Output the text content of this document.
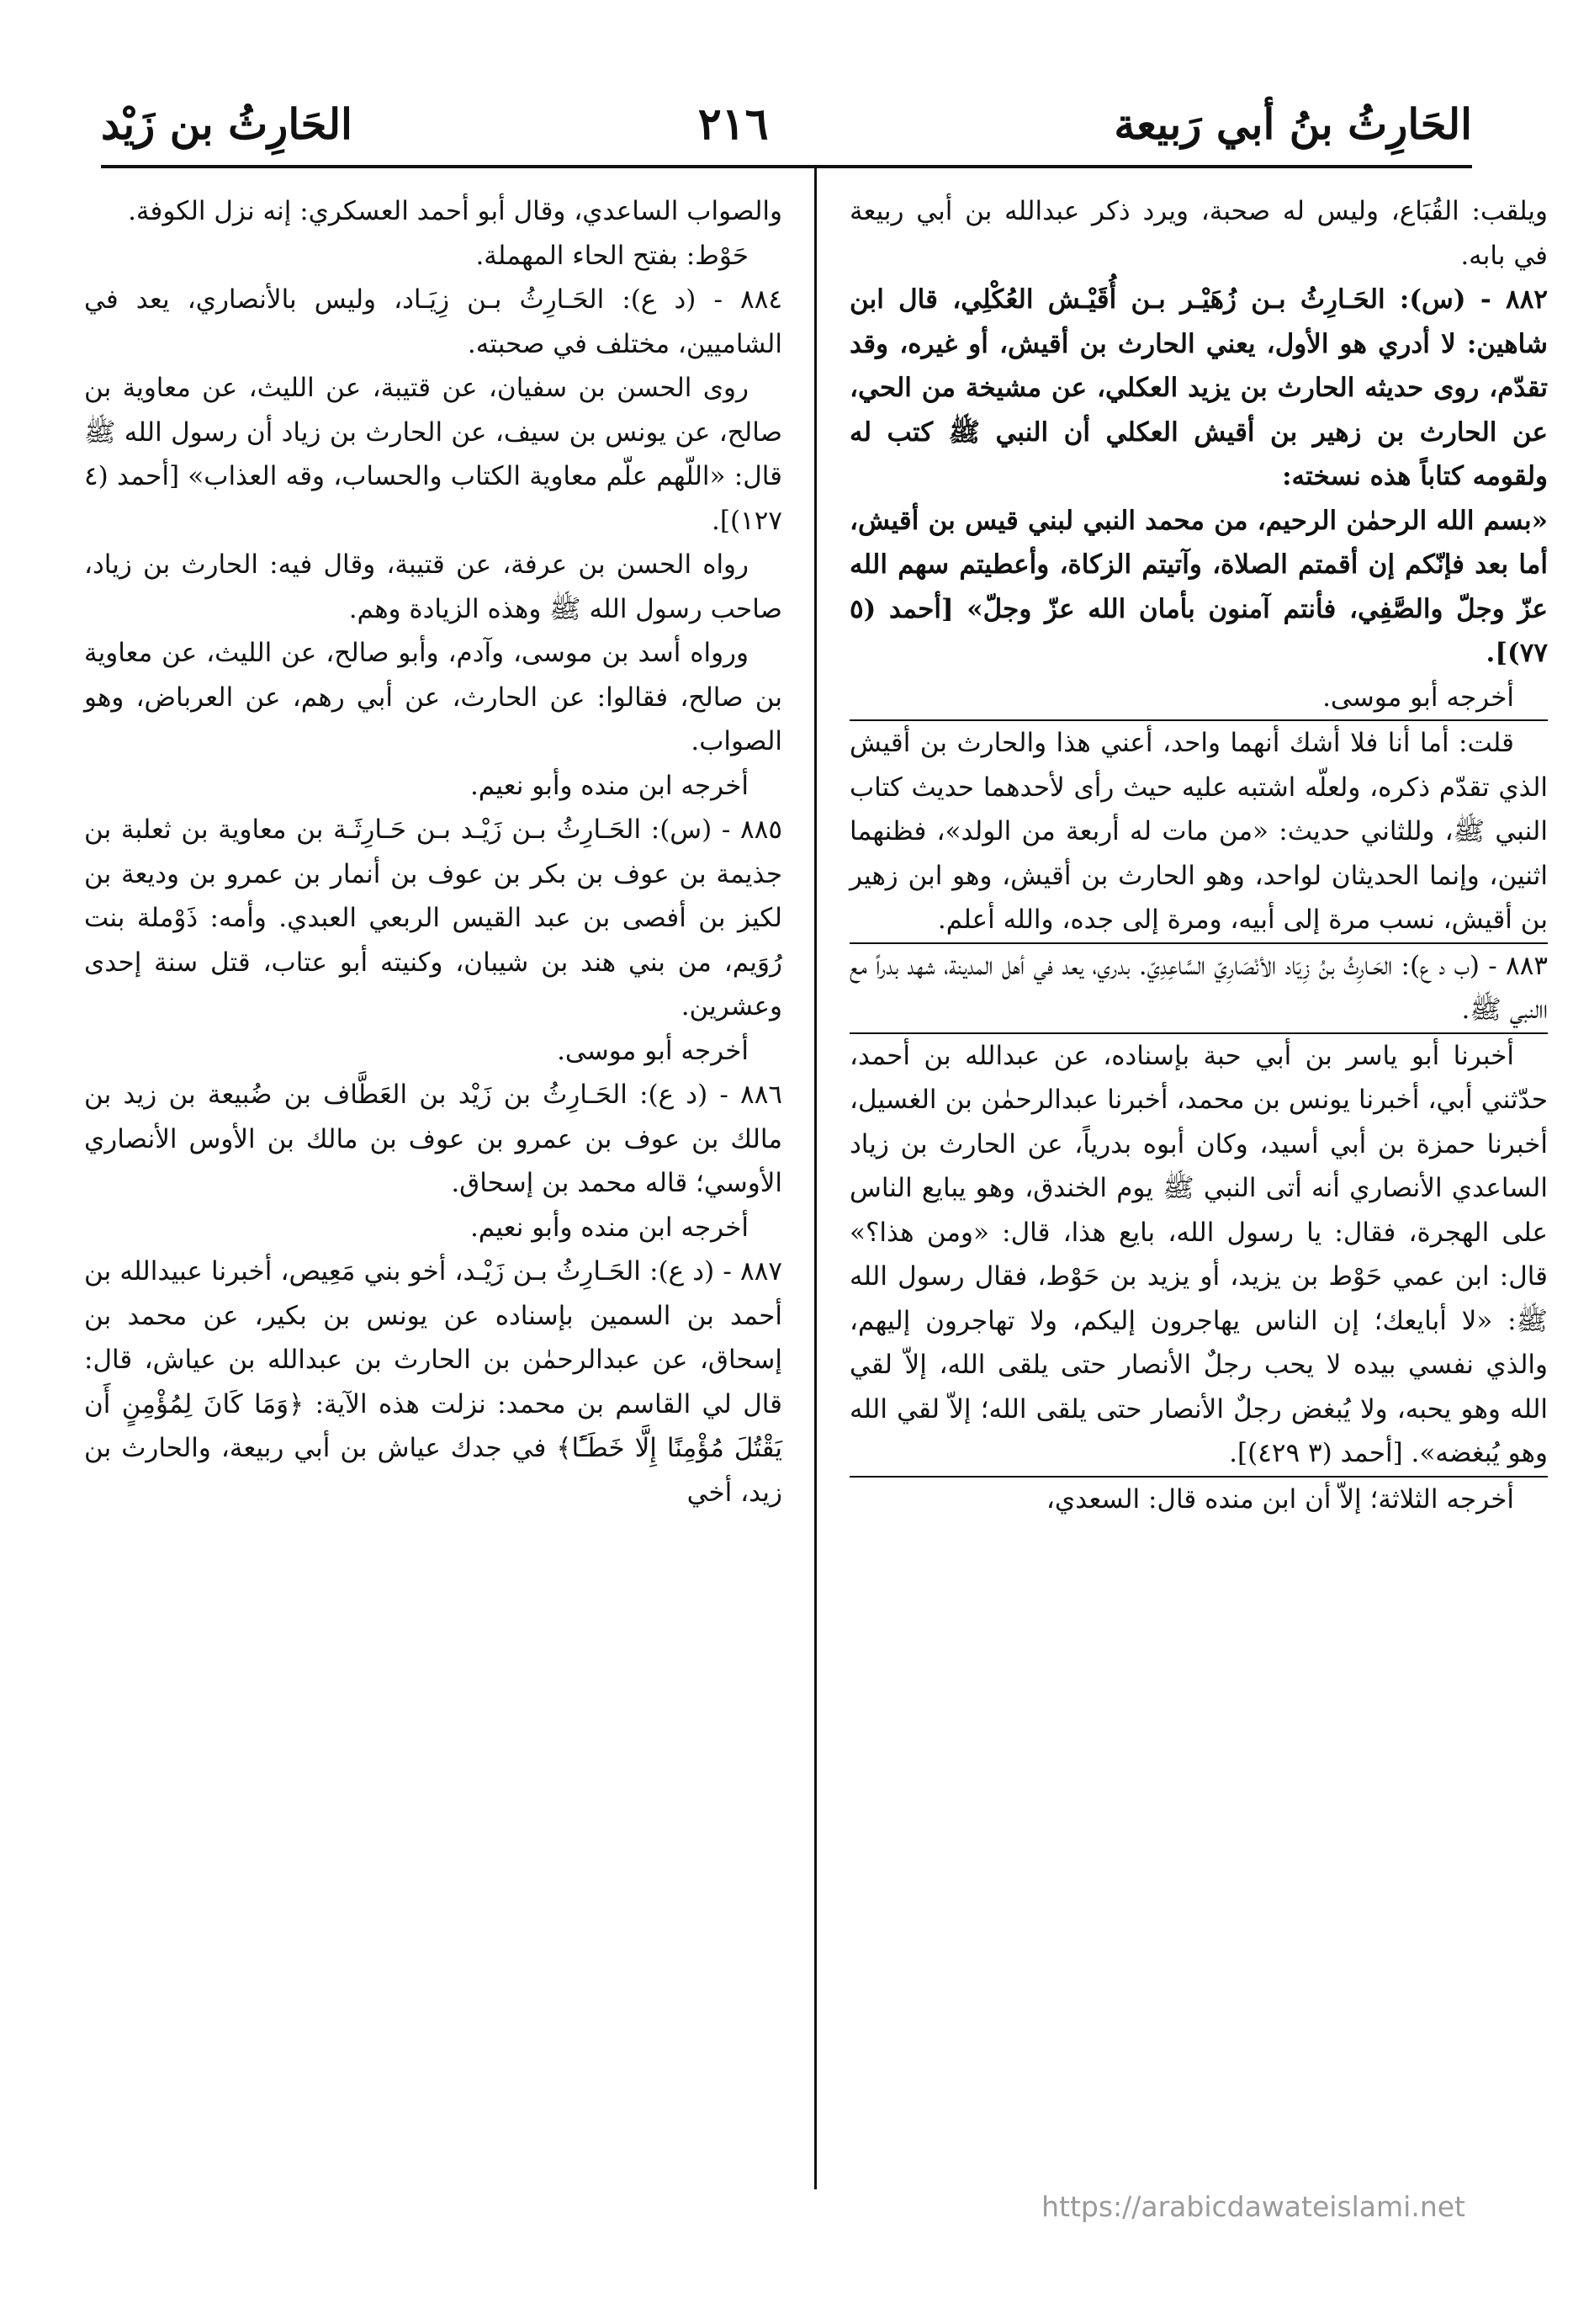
الحَارِثُ بنُ أبي رَبيعة
٢١٦
الحَارِثُ بن زَيْد

ويلقب: القُبَاع، وليس له صحبة، ويرد ذكر عبدالله بن أبي ربيعة في بابه.

٨٨٢ - (س): الحَـارِثُ بـن زُهَيْـر بـن أُقَيْـش العُكْلِي، قال ابن شاهين: لا أدري هو الأول، يعني الحارث بن أقيش، أو غيره، وقد تقدّم، روى حديثه الحارث بن يزيد العكلي، عن مشيخة من الحي، عن الحارث بن زهير بن أقيش العكلي أن النبي ﷺ كتب له ولقومه كتاباً هذه نسخته:

«بسم الله الرحمٰن الرحيم، من محمد النبي لبني قيس بن أقيش، أما بعد فإنّكم إن أقمتم الصلاة، وآتيتم الزكاة، وأعطيتم سهم الله عزّ وجلّ والصَّفِي، فأنتم آمنون بأمان الله عزّ وجلّ» [أحمد (٥ ٧٧)].

أخرجه أبو موسى.

قلت: أما أنا فلا أشك أنهما واحد، أعني هذا والحارث بن أقيش الذي تقدّم ذكره، ولعلّه اشتبه عليه حيث رأى لأحدهما حديث كتاب النبي ﷺ، وللثاني حديث: «من مات له أربعة من الولد»، فظنهما اثنين، وإنما الحديثان لواحد، وهو الحارث بن أقيش، وهو ابن زهير بن أقيش، نسب مرة إلى أبيه، ومرة إلى جده، والله أعلم.

٨٨٣ - (ب د ع): الحَـارِثُ بنُ زِيَاد الأنْصَارِيّ السَّاعِدِيّ. بدري، يعد في أهل المدينة، شهد بدراً مع االنبي ﷺ.

أخبرنا أبو ياسر بن أبي حبة بإسناده، عن عبدالله بن أحمد، حدّثني أبي، أخبرنا يونس بن محمد، أخبرنا عبدالرحمٰن بن الغسيل، أخبرنا حمزة بن أبي أسيد، وكان أبوه بدرياً، عن الحارث بن زياد الساعدي الأنصاري أنه أتى النبي ﷺ يوم الخندق، وهو يبايع الناس على الهجرة، فقال: يا رسول الله، بايع هذا، قال: «ومن هذا؟» قال: ابن عمي حَوْط بن يزيد، أو يزيد بن حَوْط، فقال رسول الله ﷺ: «لا أبايعك؛ إن الناس يهاجرون إليكم، ولا تهاجرون إليهم، والذي نفسي بيده لا يحب رجلٌ الأنصار حتى يلقى الله، إلاّ لقي الله وهو يحبه، ولا يُبغض رجلٌ الأنصار حتى يلقى الله؛ إلاّ لقي الله وهو يُبغضه». [أحمد (٣ ٤٢٩)].

أخرجه الثلاثة؛ إلاّ أن ابن منده قال: السعدي،

والصواب الساعدي، وقال أبو أحمد العسكري: إنه نزل الكوفة.

حَوْط: بفتح الحاء المهملة.

٨٨٤ - (د ع): الحَـارِثُ بـن زِيَـاد، وليس بالأنصاري، يعد في الشاميين، مختلف في صحبته.

روى الحسن بن سفيان، عن قتيبة، عن الليث، عن معاوية بن صالح، عن يونس بن سيف، عن الحارث بن زياد أن رسول الله ﷺ قال: «اللّهم علّم معاوية الكتاب والحساب، وقه العذاب» [أحمد (٤ ١٢٧)].

رواه الحسن بن عرفة، عن قتيبة، وقال فيه: الحارث بن زياد، صاحب رسول الله ﷺ وهذه الزيادة وهم.

ورواه أسد بن موسى، وآدم، وأبو صالح، عن الليث، عن معاوية بن صالح، فقالوا: عن الحارث، عن أبي رهم، عن العرباض، وهو الصواب.

أخرجه ابن منده وأبو نعيم.

٨٨٥ - (س): الحَـارِثُ بـن زَيْـد بـن حَـارِثَـة بن معاوية بن ثعلبة بن جذيمة بن عوف بن بكر بن عوف بن أنمار بن عمرو بن وديعة بن لكيز بن أفصى بن عبد القيس الربعي العبدي. وأمه: ذَوْملة بنت رُوَيم، من بني هند بن شيبان، وكنيته أبو عتاب، قتل سنة إحدى وعشرين.

أخرجه أبو موسى.

٨٨٦ - (د ع): الحَـارِثُ بن زَيْد بن العَطَّاف بن ضُبيعة بن زيد بن مالك بن عوف بن عمرو بن عوف بن مالك بن الأوس الأنصاري الأوسي؛ قاله محمد بن إسحاق.

أخرجه ابن منده وأبو نعيم.

٨٨٧ - (د ع): الحَـارِثُ بـن زَيْـد، أخو بني مَعِيص، أخبرنا عبيدالله بن أحمد بن السمين بإسناده عن يونس بن بكير، عن محمد بن إسحاق، عن عبدالرحمٰن بن الحارث بن عبدالله بن عياش، قال: قال لي القاسم بن محمد: نزلت هذه الآية: ﴿وَمَا كَانَ لِمُؤْمِنٍ أَن يَقْتُلَ مُؤْمِنًا إِلَّا خَطَـًٔا﴾ في جدك عياش بن أبي ربيعة، والحارث بن زيد، أخي

https://arabicdawateislami.net
